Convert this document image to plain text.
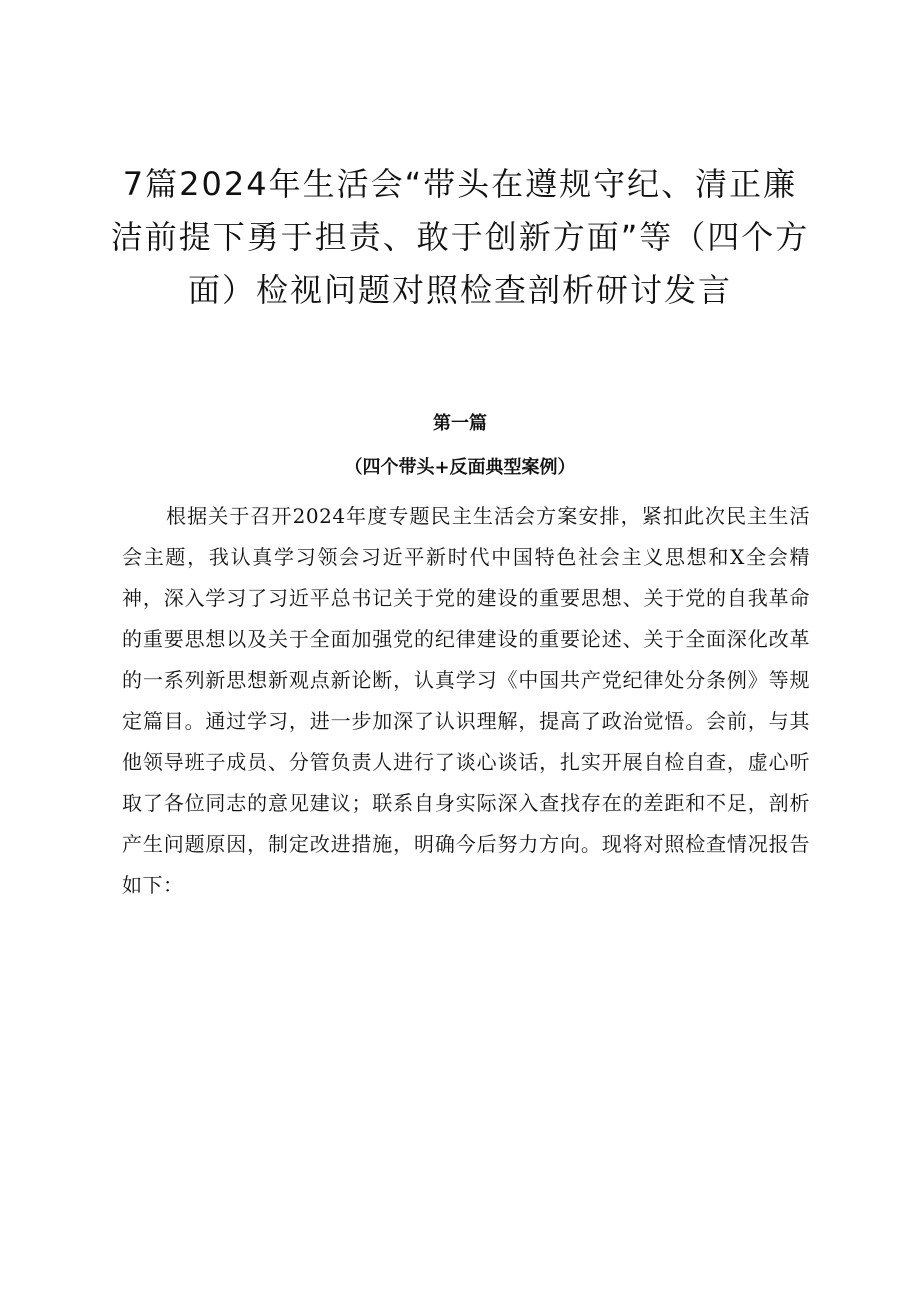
7篇2024年生活会“带头在遵规守纪、清正廉洁前提下勇于担责、敢于创新方面”等（四个方面）检视问题对照检查剖析研讨发言
第一篇
（四个带头+反面典型案例）

根据关于召开2024年度专题民主生活会方案安排，紧扣此次民主生活会主题，我认真学习领会习近平新时代中国特色社会主义思想和X全会精神，深入学习了习近平总书记关于党的建设的重要思想、关于党的自我革命的重要思想以及关于全面加强党的纪律建设的重要论述、关于全面深化改革的一系列新思想新观点新论断，认真学习《中国共产党纪律处分条例》等规定篇目。通过学习，进一步加深了认识理解，提高了政治觉悟。会前，与其他领导班子成员、分管负责人进行了谈心谈话，扎实开展自检自查，虚心听取了各位同志的意见建议；联系自身实际深入查找存在的差距和不足，剖析产生问题原因，制定改进措施，明确今后努力方向。现将对照检查情况报告如下：
